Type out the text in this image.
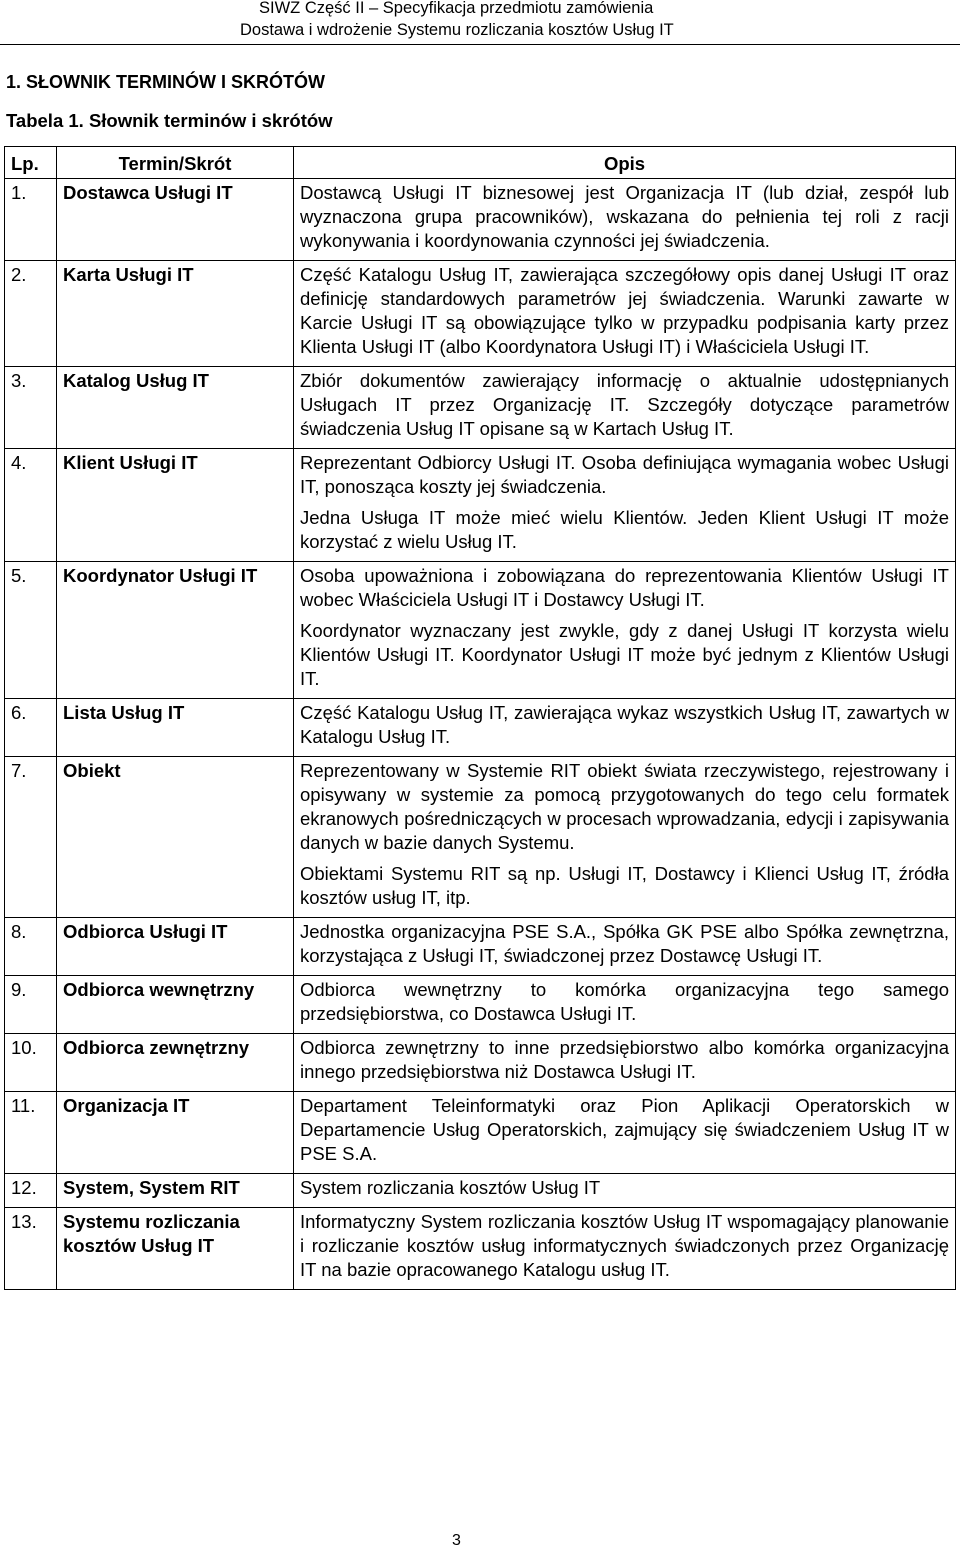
SIWZ Część II – Specyfikacja przedmiotu zamówienia
Dostawa i wdrożenie Systemu rozliczania kosztów Usług IT
1. SŁOWNIK TERMINÓW I SKRÓTÓW
Tabela 1. Słownik terminów i skrótów
Lp.	Termin/Skrót	Opis
1.	Dostawca Usługi IT	Dostawcą Usługi IT biznesowej jest Organizacja IT (lub dział, zespół lub wyznaczona grupa pracowników), wskazana do pełnienia tej roli z racji wykonywania i koordynowania czynności jej świadczenia.

2.	Karta Usługi IT	Część Katalogu Usług IT, zawierająca szczegółowy opis danej Usługi IT oraz definicję standardowych parametrów jej świadczenia. Warunki zawarte w Karcie Usługi IT są obowiązujące tylko w przypadku podpisania karty przez Klienta Usługi IT (albo Koordynatora Usługi IT) i Właściciela Usługi IT.

3.	Katalog Usług IT	Zbiór dokumentów zawierający informację o aktualnie udostępnianych Usługach IT przez Organizację IT. Szczegóły dotyczące parametrów świadczenia Usług IT opisane są w Kartach Usług IT.

4.	Klient Usługi IT	Reprezentant Odbiorcy Usługi IT. Osoba definiująca wymagania wobec Usługi IT, ponosząca koszty jej świadczenia.

Jedna Usługa IT może mieć wielu Klientów. Jeden Klient Usługi IT może korzystać z wielu Usług IT.

5.	Koordynator Usługi IT	Osoba upoważniona i zobowiązana do reprezentowania Klientów Usługi IT wobec Właściciela Usługi IT i Dostawcy Usługi IT.

Koordynator wyznaczany jest zwykle, gdy z danej Usługi IT korzysta wielu Klientów Usługi IT. Koordynator Usługi IT może być jednym z Klientów Usługi IT.

6.	Lista Usług IT	Część Katalogu Usług IT, zawierająca wykaz wszystkich Usług IT, zawartych w Katalogu Usług IT.

7.	Obiekt	Reprezentowany w Systemie RIT obiekt świata rzeczywistego, rejestrowany i opisywany w systemie za pomocą przygotowanych do tego celu formatek ekranowych pośredniczących w procesach wprowadzania, edycji i zapisywania danych w bazie danych Systemu.

Obiektami Systemu RIT są np. Usługi IT, Dostawcy i Klienci Usług IT, źródła kosztów usług IT, itp.

8.	Odbiorca Usługi IT	Jednostka organizacyjna PSE S.A., Spółka GK PSE albo Spółka zewnętrzna, korzystająca z Usługi IT, świadczonej przez Dostawcę Usługi IT.

9.	Odbiorca wewnętrzny	Odbiorca wewnętrzny to komórka organizacyjna tego samego przedsiębiorstwa, co Dostawca Usługi IT.

10.	Odbiorca zewnętrzny	Odbiorca zewnętrzny to inne przedsiębiorstwo albo komórka organizacyjna innego przedsiębiorstwa niż Dostawca Usługi IT.

11.	Organizacja IT	Departament Teleinformatyki oraz Pion Aplikacji Operatorskich w Departamencie Usług Operatorskich, zajmujący się świadczeniem Usług IT w PSE S.A.

12.	System, System RIT	System rozliczania kosztów Usług IT

13.	Systemu rozliczania kosztów Usług IT	Informatyczny System rozliczania kosztów Usług IT wspomagający planowanie i rozliczanie kosztów usług informatycznych świadczonych przez Organizację IT na bazie opracowanego Katalogu usług IT.

3
